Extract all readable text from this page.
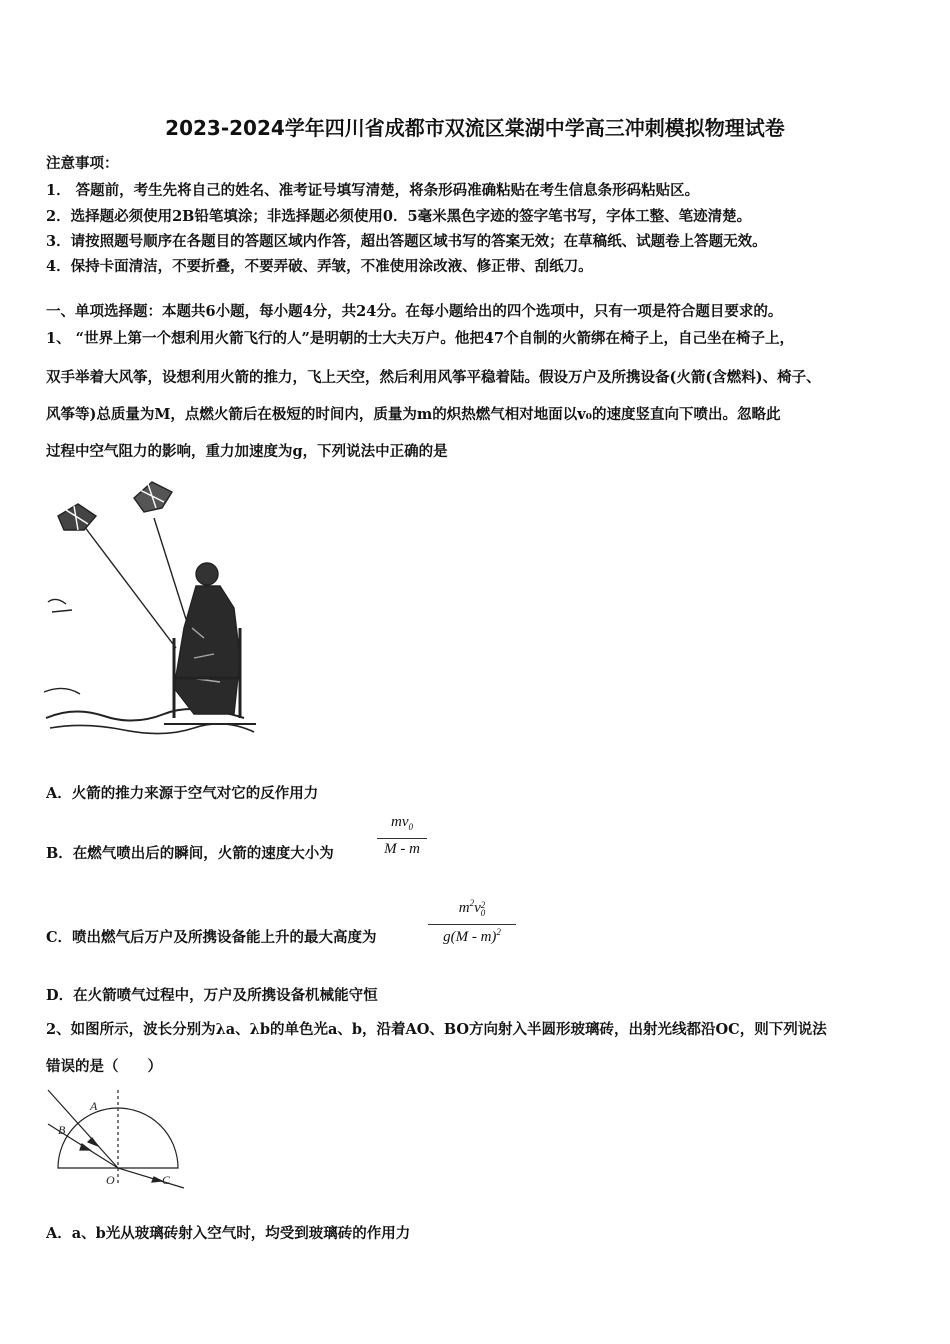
2023-2024学年四川省成都市双流区棠湖中学高三冲刺模拟物理试卷
注意事项：
1． 答题前，考生先将自己的姓名、准考证号填写清楚，将条形码准确粘贴在考生信息条形码粘贴区。
2．选择题必须使用2B铅笔填涂；非选择题必须使用0．5毫米黑色字迹的签字笔书写，字体工整、笔迹清楚。
3．请按照题号顺序在各题目的答题区域内作答，超出答题区域书写的答案无效；在草稿纸、试题卷上答题无效。
4．保持卡面清洁，不要折叠，不要弄破、弄皱，不准使用涂改液、修正带、刮纸刀。
一、单项选择题：本题共6小题，每小题4分，共24分。在每小题给出的四个选项中，只有一项是符合题目要求的。
1、 “世界上第一个想利用火箭飞行的人”是明朝的士大夫万户。他把47个自制的火箭绑在椅子上，自己坐在椅子上，
双手举着大风筝，设想利用火箭的推力，飞上天空，然后利用风筝平稳着陆。假设万户及所携设备(火箭(含燃料)、椅子、
风筝等)总质量为M，点燃火箭后在极短的时间内，质量为m的炽热燃气相对地面以v₀的速度竖直向下喷出。忽略此
过程中空气阻力的影响，重力加速度为g，下列说法中正确的是
A．火箭的推力来源于空气对它的反作用力
B．在燃气喷出后的瞬间，火箭的速度大小为
$mv_0$
M - m
C．喷出燃气后万户及所携设备能上升的最大高度为
$m^2v$ 2
0
g(M - m)$^2$
D．在火箭喷气过程中，万户及所携设备机械能守恒
2、如图所示，波长分别为λa、λb的单色光a、b，沿着AO、BO方向射入半圆形玻璃砖，出射光线都沿OC，则下列说法
错误的是（　　）
A
B
O	C
A．a、b光从玻璃砖射入空气时，均受到玻璃砖的作用力
